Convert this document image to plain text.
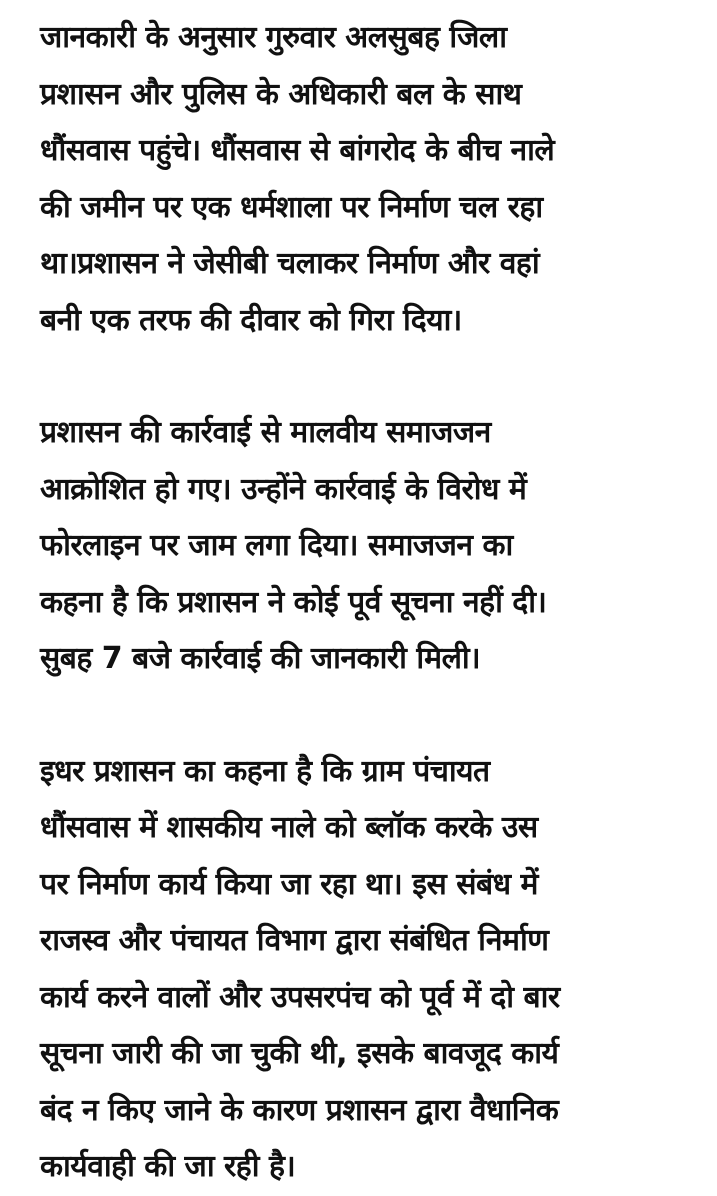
जानकारी के अनुसार गुरुवार अलसुबह जिला
प्रशासन और पुलिस के अधिकारी बल के साथ
धौंसवास पहुंचे। धौंसवास से बांगरोद के बीच नाले
की जमीन पर एक धर्मशाला पर निर्माण चल रहा
था।प्रशासन ने जेसीबी चलाकर निर्माण और वहां
बनी एक तरफ की दीवार को गिरा दिया।
प्रशासन की कार्रवाई से मालवीय समाजजन
आक्रोशित हो गए। उन्होंने कार्रवाई के विरोध में
फोरलाइन पर जाम लगा दिया। समाजजन का
कहना है कि प्रशासन ने कोई पूर्व सूचना नहीं दी।
सुबह 7 बजे कार्रवाई की जानकारी मिली।
इधर प्रशासन का कहना है कि ग्राम पंचायत
धौंसवास में शासकीय नाले को ब्लॉक करके उस
पर निर्माण कार्य किया जा रहा था। इस संबंध में
राजस्व और पंचायत विभाग द्वारा संबंधित निर्माण
कार्य करने वालों और उपसरपंच को पूर्व में दो बार
सूचना जारी की जा चुकी थी, इसके बावजूद कार्य
बंद न किए जाने के कारण प्रशासन द्वारा वैधानिक
कार्यवाही की जा रही है।
